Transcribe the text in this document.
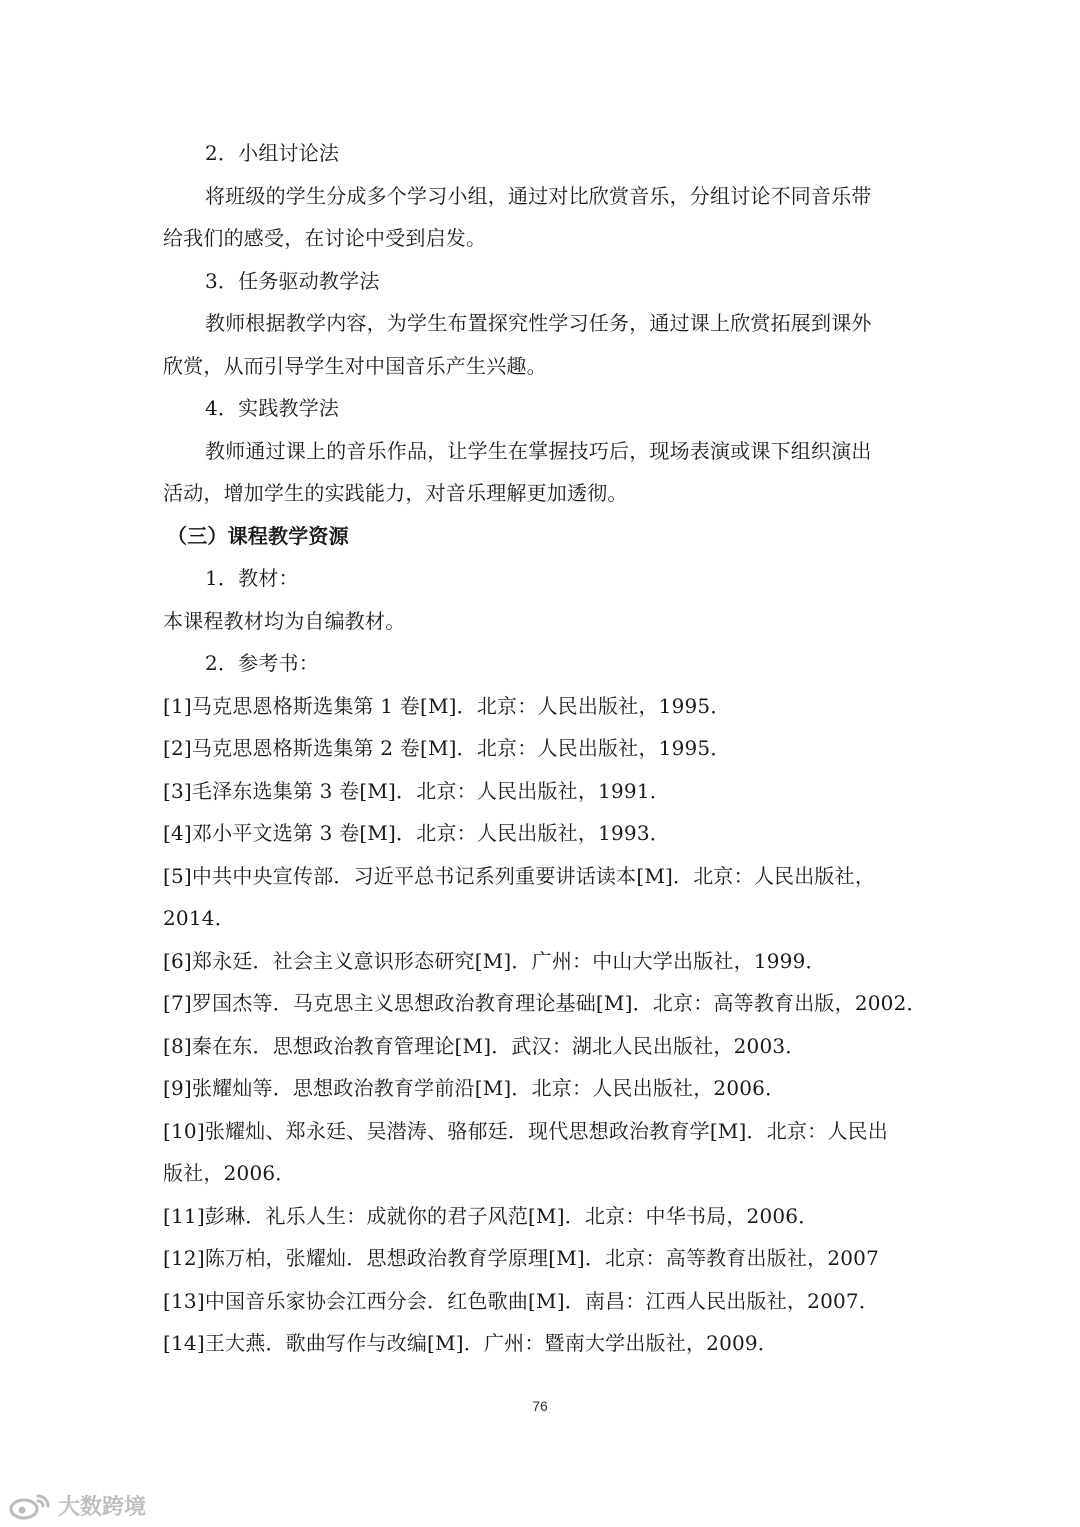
2．小组讨论法
将班级的学生分成多个学习小组，通过对比欣赏音乐，分组讨论不同音乐带
给我们的感受，在讨论中受到启发。
3．任务驱动教学法
教师根据教学内容，为学生布置探究性学习任务，通过课上欣赏拓展到课外
欣赏，从而引导学生对中国音乐产生兴趣。
4．实践教学法
教师通过课上的音乐作品，让学生在掌握技巧后，现场表演或课下组织演出
活动，增加学生的实践能力，对音乐理解更加透彻。
（三）课程教学资源
1．教材：
本课程教材均为自编教材。
2．参考书：
[1]马克思恩格斯选集第 1 卷[M]．北京：人民出版社，1995．
[2]马克思恩格斯选集第 2 卷[M]．北京：人民出版社，1995．
[3]毛泽东选集第 3 卷[M]．北京：人民出版社，1991．
[4]邓小平文选第 3 卷[M]．北京：人民出版社，1993．
[5]中共中央宣传部．习近平总书记系列重要讲话读本[M]．北京：人民出版社，
2014．
[6]郑永廷．社会主义意识形态研究[M]．广州：中山大学出版社，1999．
[7]罗国杰等．马克思主义思想政治教育理论基础[M]．北京：高等教育出版，2002．
[8]秦在东．思想政治教育管理论[M]．武汉：湖北人民出版社，2003．
[9]张耀灿等．思想政治教育学前沿[M]．北京：人民出版社，2006．
[10]张耀灿、郑永廷、吴潜涛、骆郁廷．现代思想政治教育学[M]．北京：人民出
版社，2006．
[11]彭琳．礼乐人生：成就你的君子风范[M]．北京：中华书局，2006．
[12]陈万柏，张耀灿．思想政治教育学原理[M]．北京：高等教育出版社，2007
[13]中国音乐家协会江西分会．红色歌曲[M]．南昌：江西人民出版社，2007．
[14]王大燕．歌曲写作与改编[M]．广州：暨南大学出版社，2009．
76
大数跨境
